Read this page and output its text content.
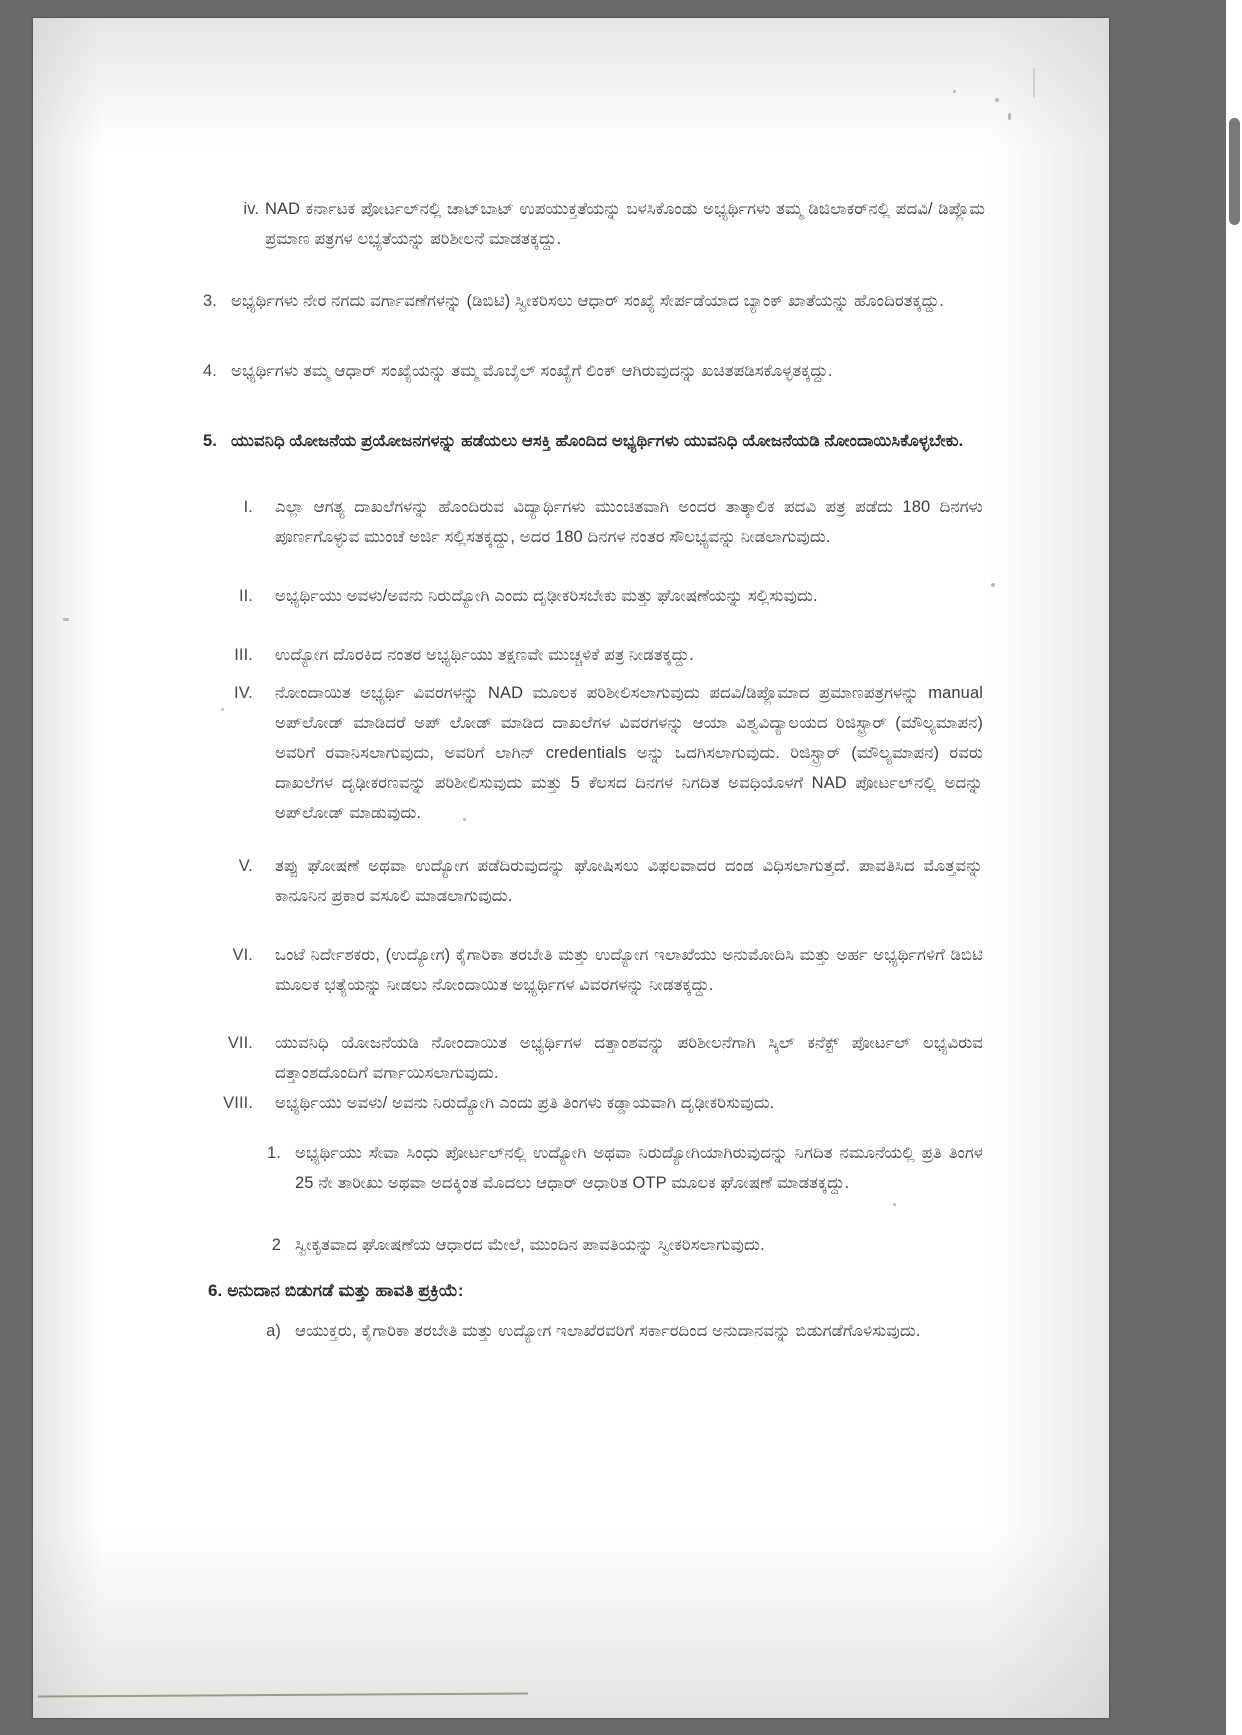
iv. NAD ಕರ್ನಾಟಕ ಪೋರ್ಟಲ್‌ನಲ್ಲಿ ಚಾಟ್‌ಬಾಟ್ ಉಪಯುಕ್ತತೆಯನ್ನು ಬಳಸಿಕೊಂಡು ಅಭ್ಯರ್ಥಿಗಳು ತಮ್ಮ ಡಿಜಿಲಾಕರ್‌ನಲ್ಲಿ ಪದವಿ/ ಡಿಪ್ಲೊಮ ಪ್ರಮಾಣ ಪತ್ರಗಳ ಲಭ್ಯತೆಯನ್ನು ಪರಿಶೀಲನೆ ಮಾಡತಕ್ಕದ್ದು.
3. ಅಭ್ಯರ್ಥಿಗಳು ನೇರ ನಗದು ವರ್ಗಾವಣೆಗಳನ್ನು (ಡಿಬಿಟಿ) ಸ್ವೀಕರಿಸಲು ಆಧಾರ್ ಸಂಖ್ಯೆ ಸೇರ್ಪಡೆಯಾದ ಬ್ಯಾಂಕ್ ಖಾತೆಯನ್ನು ಹೊಂದಿರತಕ್ಕದ್ದು.
4. ಅಭ್ಯರ್ಥಿಗಳು ತಮ್ಮ ಆಧಾರ್ ಸಂಖ್ಯೆಯನ್ನು ತಮ್ಮ ಮೊಬೈಲ್ ಸಂಖ್ಯೆಗೆ ಲಿಂಕ್ ಆಗಿರುವುದನ್ನು ಖಚಿತಪಡಿಸಕೊಳ್ಳತಕ್ಕದ್ದು.
5. ಯುವನಿಧಿ ಯೋಜನೆಯ ಪ್ರಯೋಜನಗಳನ್ನು ಹಡೆಯಲು ಆಸಕ್ತಿ ಹೊಂದಿದ ಅಭ್ಯರ್ಥಿಗಳು ಯುವನಿಧಿ ಯೋಜನೆಯಡಿ ನೋಂದಾಯಿಸಿಕೊಳ್ಳಬೇಕು.
I. ಎಲ್ಲಾ ಆಗತ್ಯ ದಾಖಲೆಗಳನ್ನು ಹೊಂದಿರುವ ವಿದ್ಯಾರ್ಥಿಗಳು ಮುಂಚಿತವಾಗಿ ಅಂದರ ತಾತ್ಕಾಲಿಕ ಪದವಿ ಪತ್ರ ಪಡೆದು 180 ದಿನಗಳು ಪೂರ್ಣಗೊಳ್ಳುವ ಮುಂಚೆ ಅರ್ಜಿ ಸಲ್ಲಿಸತಕ್ಕದ್ದು, ಅದರ 180 ದಿನಗಳ ನಂತರ ಸೌಲಭ್ಯವನ್ನು ನೀಡಲಾಗುವುದು.
II. ಅಭ್ಯರ್ಥಿಯು ಅವಳು/ಅವನು ನಿರುದ್ಯೋಗಿ ಎಂದು ದೃಢೀಕರಿಸಬೇಕು ಮತ್ತು ಘೋಷಣೆಯನ್ನು ಸಲ್ಲಿಸುವುದು.
III. ಉದ್ಯೋಗ ದೊರಕಿದ ನಂತರ ಅಭ್ಯರ್ಥಿಯು ತಕ್ಷಣವೇ ಮುಚ್ಚಳಿಕೆ ಪತ್ರ ನೀಡತಕ್ಕದ್ದು.
IV. ನೋಂದಾಯಿತ ಅಭ್ಯರ್ಥಿ ವಿವರಗಳನ್ನು NAD ಮೂಲಕ ಪರಿಶೀಲಿಸಲಾಗುವುದು ಪದವಿ/ಡಿಪ್ಲೊಮಾದ ಪ್ರಮಾಣಪತ್ರಗಳನ್ನು manual ಅಪ್‌ಲೋಡ್ ಮಾಡಿದರೆ ಅಪ್ ಲೋಡ್ ಮಾಡಿದ ದಾಖಲೆಗಳ ವಿವರಗಳನ್ನು ಆಯಾ ವಿಶ್ವವಿದ್ಯಾಲಯದ ರಿಜಿಸ್ಟ್ರಾರ್ (ಮೌಲ್ಯಮಾಪನ) ಅವರಿಗೆ ರವಾನಿಸಲಾಗುವುದು, ಅವರಿಗೆ ಲಾಗಿನ್ credentials ಅನ್ನು ಒದಗಿಸಲಾಗುವುದು. ರಿಜಿಸ್ಟ್ರಾರ್ (ಮೌಲ್ಯಮಾಪನ) ರವರು ದಾಖಲೆಗಳ ದೃಢೀಕರಣವನ್ನು ಪರಿಶೀಲಿಸುವುದು ಮತ್ತು 5 ಕೆಲಸದ ದಿನಗಳ ನಿಗದಿತ ಅವಧಿಯೊಳಗೆ NAD ಪೋರ್ಟಲ್‌ನಲ್ಲಿ ಅದನ್ನು ಅಪ್‌ಲೋಡ್ ಮಾಡುವುದು.
V. ತಪ್ಪು ಘೋಷಣೆ ಅಥವಾ ಉದ್ಯೋಗ ಪಡೆದಿರುವುದನ್ನು ಘೋಷಿಸಲು ವಿಫಲವಾದರ ದಂಡ ವಿಧಿಸಲಾಗುತ್ತದೆ. ಪಾವತಿಸಿದ ಮೊತ್ತವನ್ನು ಕಾನೂನಿನ ಪ್ರಕಾರ ವಸೂಲಿ ಮಾಡಲಾಗುವುದು.
VI. ಒಂಟೆ ನಿರ್ದೇಶಕರು, (ಉದ್ಯೋಗ) ಕೈಗಾರಿಕಾ ತರಬೇತಿ ಮತ್ತು ಉದ್ಯೋಗ ಇಲಾಖೆಯು ಅನುಮೋದಿಸಿ ಮತ್ತು ಅರ್ಹ ಅಭ್ಯರ್ಥಿಗಳಿಗೆ ಡಿಬಿಟಿ ಮೂಲಕ ಭತ್ಯೆಯನ್ನು ನೀಡಲು ನೋಂದಾಯಿತ ಅಭ್ಯರ್ಥಿಗಳ ವಿವರಗಳನ್ನು ನೀಡತಕ್ಕದ್ದು.
VII. ಯುವನಿಧಿ ಯೋಜನೆಯಡಿ ನೋಂದಾಯಿತ ಅಭ್ಯರ್ಥಿಗಳ ದತ್ತಾಂಶವನ್ನು ಪರಿಶೀಲನೆಗಾಗಿ ಸ್ಕಿಲ್ ಕನೆಕ್ಟ್ ಪೋರ್ಟಲ್ ಲಭ್ಯವಿರುವ ದತ್ತಾಂಶದೊಂದಿಗೆ ವರ್ಗಾಯಿಸಲಾಗುವುದು.
VIII. ಅಭ್ಯರ್ಥಿಯು ಅವಳು/ ಅವನು ನಿರುದ್ಯೋಗಿ ಎಂದು ಪ್ರತಿ ತಿಂಗಳು ಕಡ್ಡಾಯವಾಗಿ ದೃಢೀಕರಿಸುವುದು.
1. ಅಭ್ಯರ್ಥಿಯು ಸೇವಾ ಸಿಂಧು ಪೋರ್ಟಲ್‌ನಲ್ಲಿ ಉದ್ಯೋಗಿ ಅಥವಾ ನಿರುದ್ಯೋಗಿಯಾಗಿರುವುದನ್ನು ನಿಗದಿತ ನಮೂನೆಯಲ್ಲಿ ಪ್ರತಿ ತಿಂಗಳ 25 ನೇ ತಾರೀಖು ಅಥವಾ ಅದಕ್ಕಿಂತ ಮೊದಲು ಆಧಾರ್ ಆಧಾರಿತ OTP ಮೂಲಕ ಘೋಷಣೆ ಮಾಡತಕ್ಕದ್ದು.
2 ಸ್ವೀಕೃತವಾದ ಘೋಷಣೆಯ ಆಧಾರದ ಮೇಲೆ, ಮುಂದಿನ ಪಾವತಿಯನ್ನು ಸ್ವೀಕರಿಸಲಾಗುವುದು.
6. ಅನುದಾನ ಬಿಡುಗಡೆ ಮತ್ತು ಹಾವತಿ ಪ್ರಕ್ರಿಯೆ:
a) ಆಯುಕ್ತರು, ಕೈಗಾರಿಕಾ ತರಬೇತಿ ಮತ್ತು ಉದ್ಯೋಗ ಇಲಾಖೆರವರಿಗೆ ಸರ್ಕಾರದಿಂದ ಅನುದಾನವನ್ನು ಬಿಡುಗಡೆಗೊಳಿಸುವುದು.
